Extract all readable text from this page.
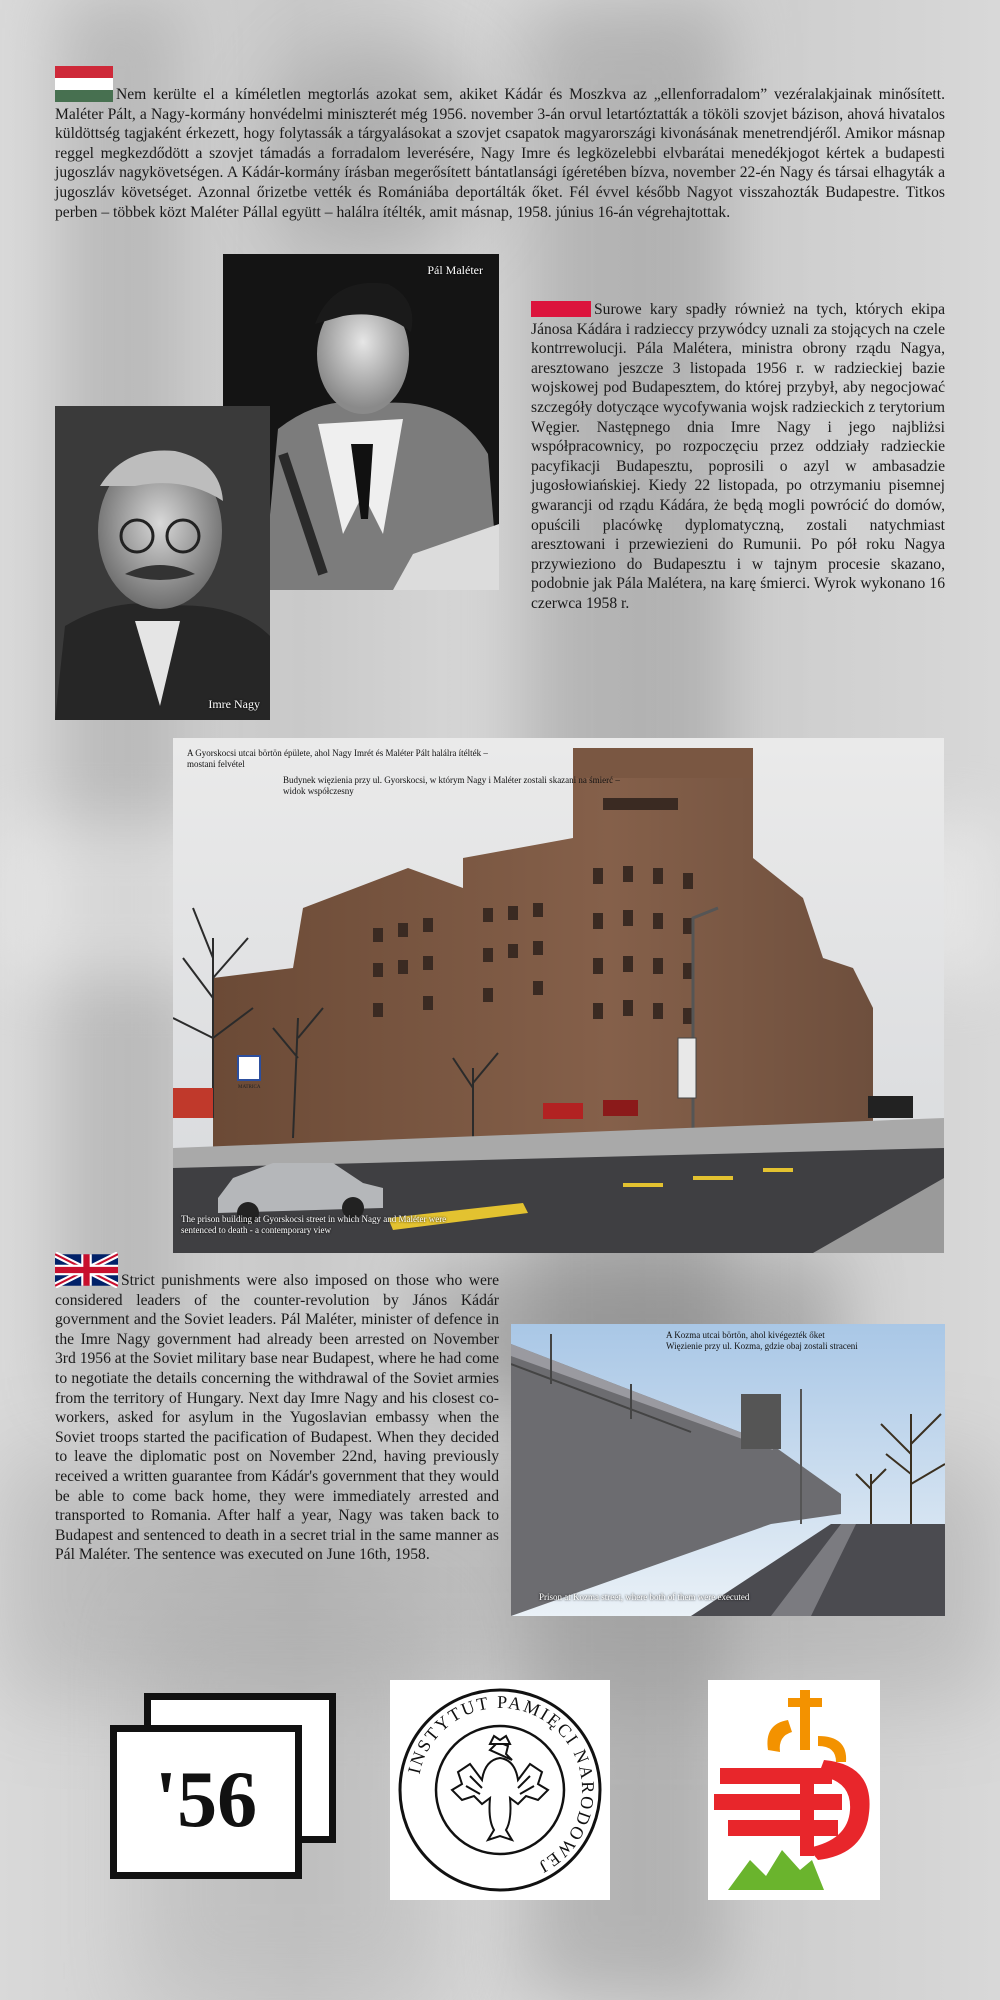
Nem kerülte el a kíméletlen megtorlás azokat sem, akiket Kádár és Moszkva az „ellenforradalom” vezéralakjainak minősített. Maléter Pált, a Nagy-kormány honvédelmi miniszterét még 1956. november 3-án orvul letartóztatták a tököli szovjet bázison, ahová hivatalos küldöttség tagjaként érkezett, hogy folytassák a tárgyalásokat a szovjet csapatok magyarországi kivonásának menetrendjéről. Amikor másnap reggel megkezdődött a szovjet támadás a forradalom leverésére, Nagy Imre és legközelebbi elvbarátai menedékjogot kértek a budapesti jugoszláv nagykövetségen. A Kádár-kormány írásban megerősített bántatlansági ígéretében bízva, november 22-én Nagy és társai elhagyták a jugoszláv követséget. Azonnal őrizetbe vették és Romániába deportálták őket. Fél évvel később Nagyot visszahozták Budapestre. Titkos perben – többek közt Maléter Pállal együtt – halálra ítélték, amit másnap, 1958. június 16-án végrehajtottak.

Pál Maléter
Imre Nagy

Surowe kary spadły również na tych, których ekipa Jánosa Kádára i radzieccy przywódcy uznali za stojących na czele kontrrewolucji. Pála Malétera, ministra obrony rządu Nagya, aresztowano jeszcze 3 listopada 1956 r. w radzieckiej bazie wojskowej pod Budapesztem, do której przybył, aby negocjować szczegóły dotyczące wycofywania wojsk radzieckich z terytorium Węgier. Następnego dnia Imre Nagy i jego najbliżsi współpracownicy, po rozpoczęciu przez oddziały radzieckie pacyfikacji Budapesztu, poprosili o azyl w ambasadzie jugosłowiańskiej. Kiedy 22 listopada, po otrzymaniu pisemnej gwarancji od rządu Kádára, że będą mogli powrócić do domów, opuścili placówkę dyplomatyczną, zostali natychmiast aresztowani i przewiezieni do Rumunii. Po pół roku Nagya przywieziono do Budapesztu i w tajnym procesie skazano, podobnie jak Pála Malétera, na karę śmierci. Wyrok wykonano 16 czerwca 1958 r.

MATRICA
A Gyorskocsi utcai börtön épülete, ahol Nagy Imrét és Maléter Pált halálra ítélték – mostani felvétel
Budynek więzienia przy ul. Gyorskocsi, w którym Nagy i Maléter zostali skazani na śmierć – widok współczesny
The prison building at Gyorskocsi street in which Nagy and Maléter were sentenced to death - a contemporary view

Strict punishments were also imposed on those who were considered leaders of the counter-revolution by János Kádár government and the Soviet leaders. Pál Maléter, minister of defence in the Imre Nagy government had already been arrested on November 3rd 1956 at the Soviet military base near Budapest, where he had come to negotiate the details concerning the withdrawal of the Soviet armies from the territory of Hungary. Next day Imre Nagy and his closest co-workers, asked for asylum in the Yugoslavian embassy when the Soviet troops started the pacification of Budapest. When they decided to leave the diplomatic post on November 22nd, having previously received a written guarantee from Kádár's government that they would be able to come back home, they were immediately arrested and transported to Romania. After half a year, Nagy was taken back to Budapest and sentenced to death in a secret trial in the same manner as Pál Maléter. The sentence was executed on June 16th, 1958.

A Kozma utcai börtön, ahol kivégezték őket
Więzienie przy ul. Kozma, gdzie obaj zostali straceni
Prison at Kozma street, where both of them were executed
'56	INSTYTUT PAMIĘCI NARODOWEJ
